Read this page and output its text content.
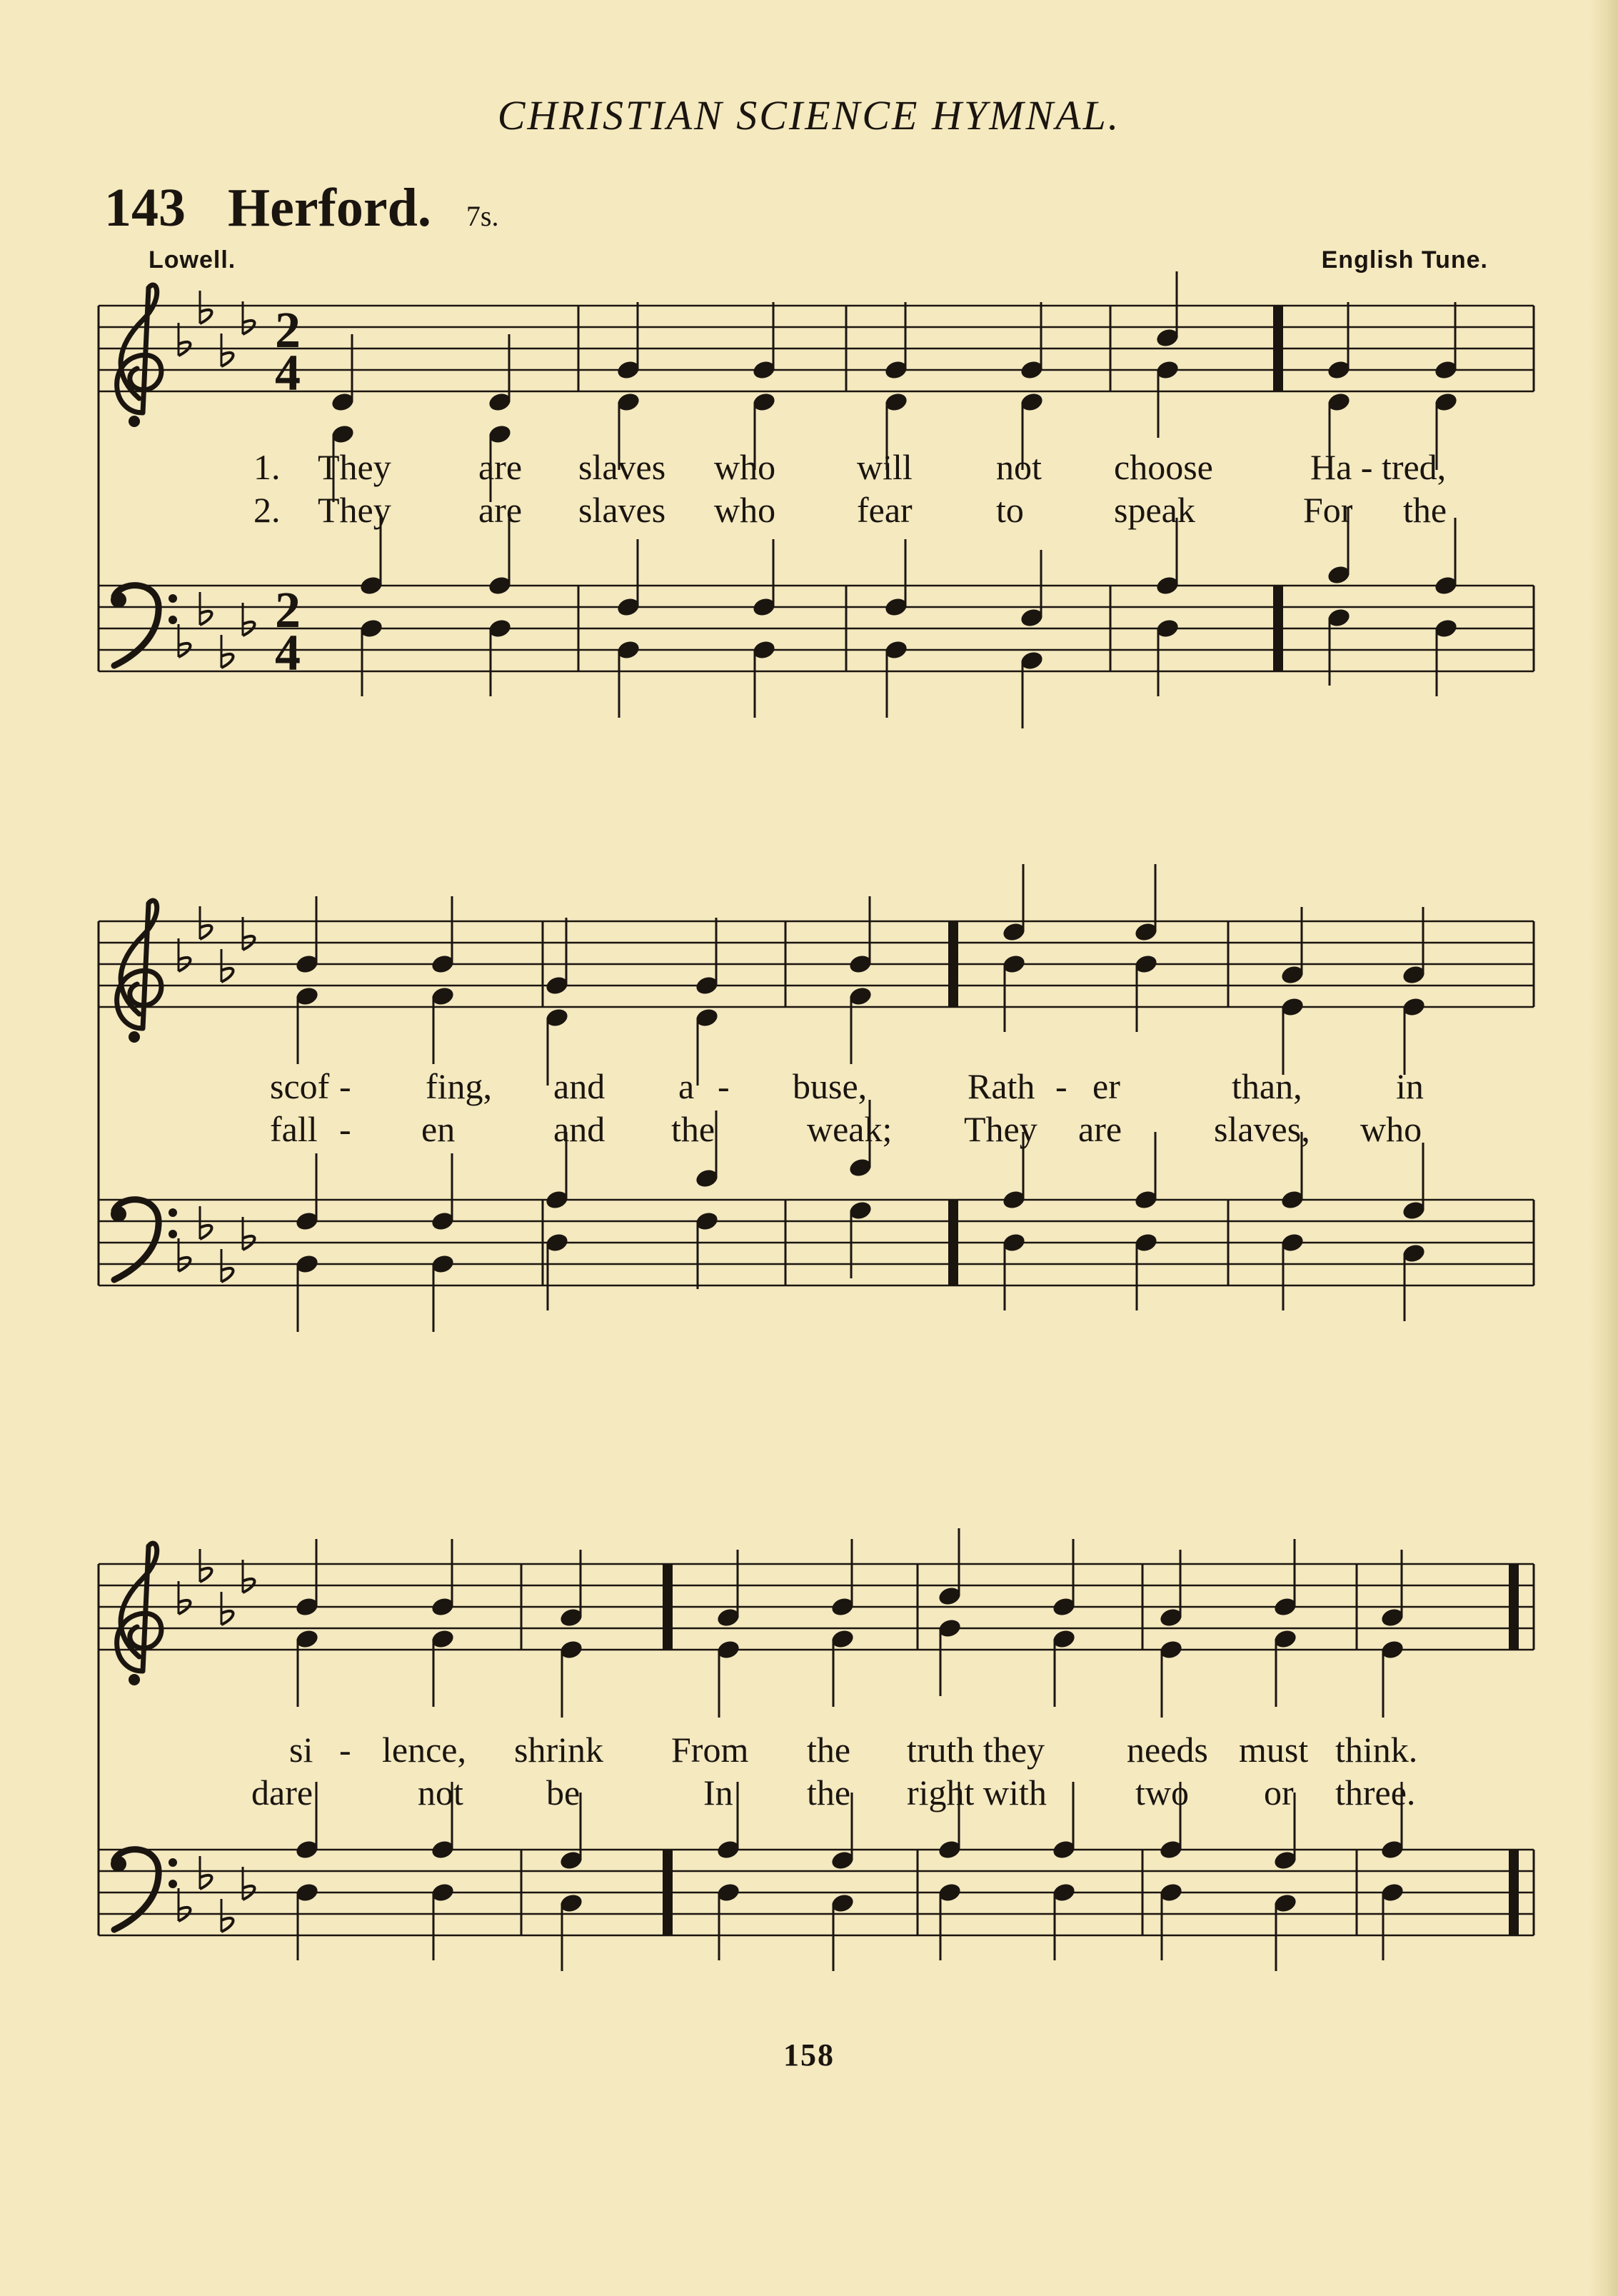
CHRISTIAN SCIENCE HYMNAL.
143 Herford. 7s.
Lowell.	English Tune.
2
4
2
4
1. They are slaves who will not choose	Ha - tred,
2. They are slaves who fear to	speak	For the
scof - fing, and a - buse,	Rath - er	than,	in
fall - en	and the	weak; They are	slaves, who
si - lence, shrink From the truth they needs must think.
dare	not be	In the right with two or three.
158
